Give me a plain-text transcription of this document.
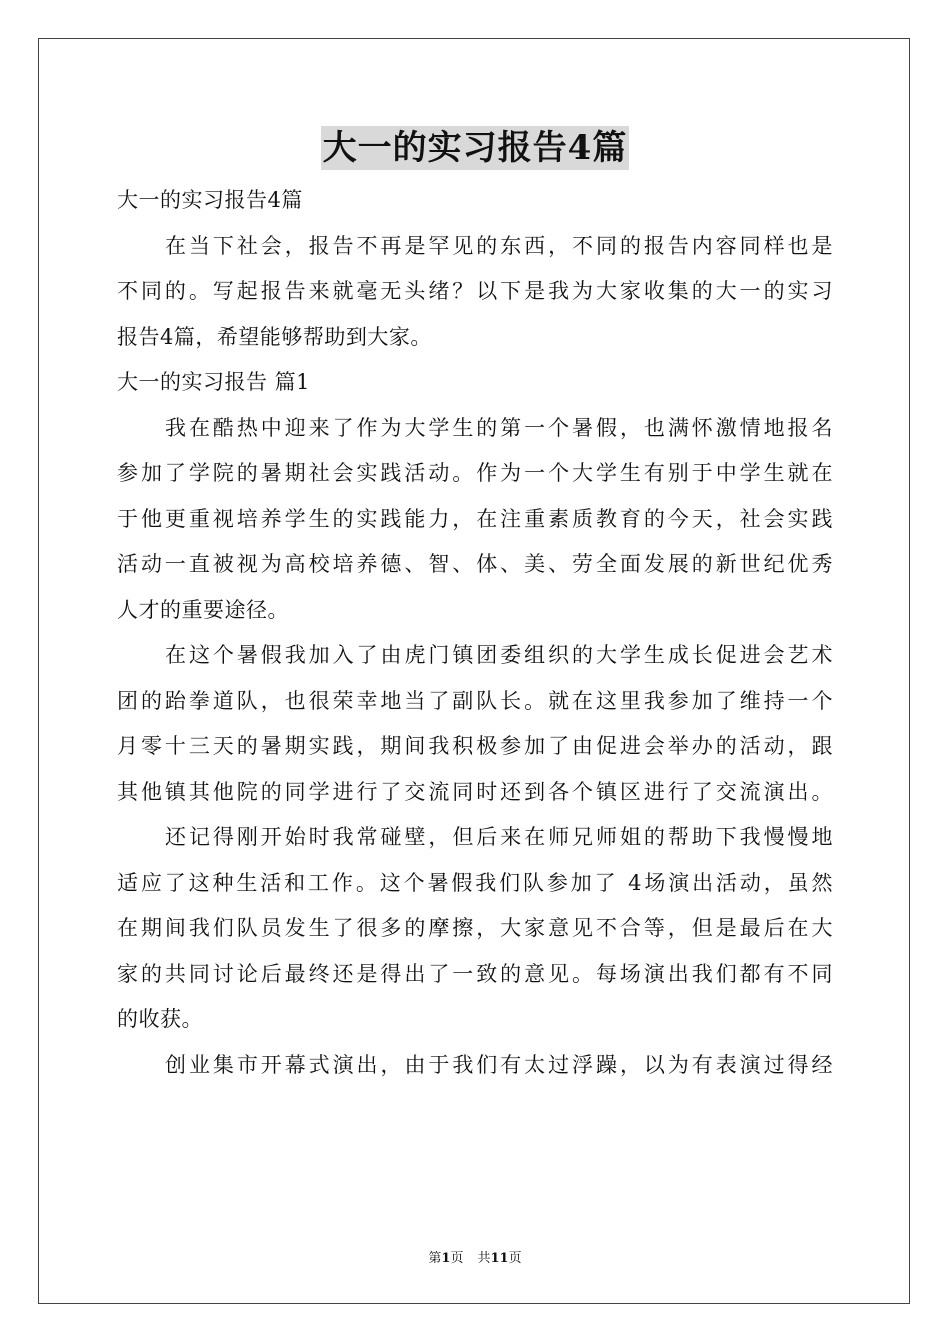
大一的实习报告4篇
大一的实习报告4篇
在当下社会，报告不再是罕见的东西，不同的报告内容同样也是
不同的。写起报告来就毫无头绪？以下是我为大家收集的大一的实习
报告4篇，希望能够帮助到大家。
大一的实习报告 篇1
我在酷热中迎来了作为大学生的第一个暑假，也满怀激情地报名
参加了学院的暑期社会实践活动。作为一个大学生有别于中学生就在
于他更重视培养学生的实践能力，在注重素质教育的今天，社会实践
活动一直被视为高校培养德、智、体、美、劳全面发展的新世纪优秀
人才的重要途径。
在这个暑假我加入了由虎门镇团委组织的大学生成长促进会艺术
团的跆拳道队，也很荣幸地当了副队长。就在这里我参加了维持一个
月零十三天的暑期实践，期间我积极参加了由促进会举办的活动，跟
其他镇其他院的同学进行了交流同时还到各个镇区进行了交流演出。
还记得刚开始时我常碰壁，但后来在师兄师姐的帮助下我慢慢地
适应了这种生活和工作。这个暑假我们队参加了 4场演出活动，虽然
在期间我们队员发生了很多的摩擦，大家意见不合等，但是最后在大
家的共同讨论后最终还是得出了一致的意见。每场演出我们都有不同
的收获。
创业集市开幕式演出，由于我们有太过浮躁，以为有表演过得经
第1页 共11页
